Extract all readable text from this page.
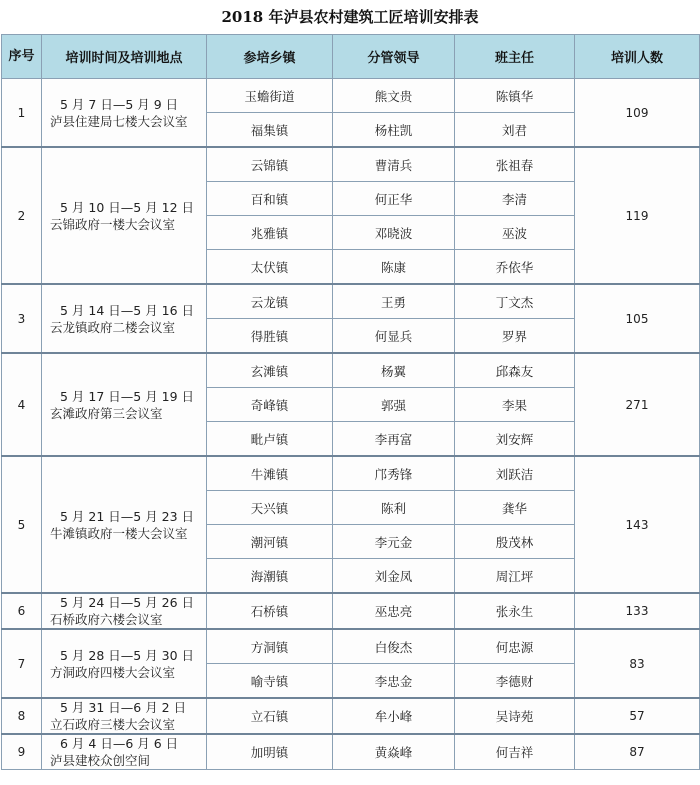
2018 年泸县农村建筑工匠培训安排表
序号	培训时间及培训地点	参培乡镇	分管领导	班主任	培训人数
1	5 月 7 日—5 月 9 日
泸县住建局七楼大会议室	玉蟾街道	熊文贵	陈镇华	109
		福集镇	杨柱凯	刘君	
2	5 月 10 日—5 月 12 日
云锦政府一楼大会议室	云锦镇	曹清兵	张祖春	119
		百和镇	何正华	李清	
		兆雅镇	邓晓波	巫波	
		太伏镇	陈康	乔依华	
3	5 月 14 日—5 月 16 日
云龙镇政府二楼会议室	云龙镇	王勇	丁文杰	105
		得胜镇	何显兵	罗界	
4	5 月 17 日—5 月 19 日
玄滩政府第三会议室	玄滩镇	杨翼	邱森友	271
		奇峰镇	郭强	李果	
		毗卢镇	李再富	刘安辉	
5	5 月 21 日—5 月 23 日
牛滩镇政府一楼大会议室	牛滩镇	邝秀锋	刘跃洁	143
		天兴镇	陈利	龚华	
		潮河镇	李元金	殷茂林	
		海潮镇	刘金凤	周江坪	
6	5 月 24 日—5 月 26 日
石桥政府六楼会议室	石桥镇	巫忠亮	张永生	133
7	5 月 28 日—5 月 30 日
方洞政府四楼大会议室	方洞镇	白俊杰	何忠源	83
		喻寺镇	李忠金	李德财	
8	5 月 31 日—6 月 2 日
立石政府三楼大会议室	立石镇	牟小峰	吴诗苑	57
9	6 月 4 日—6 月 6 日
泸县建校众创空间	加明镇	黄焱峰	何吉祥	87
